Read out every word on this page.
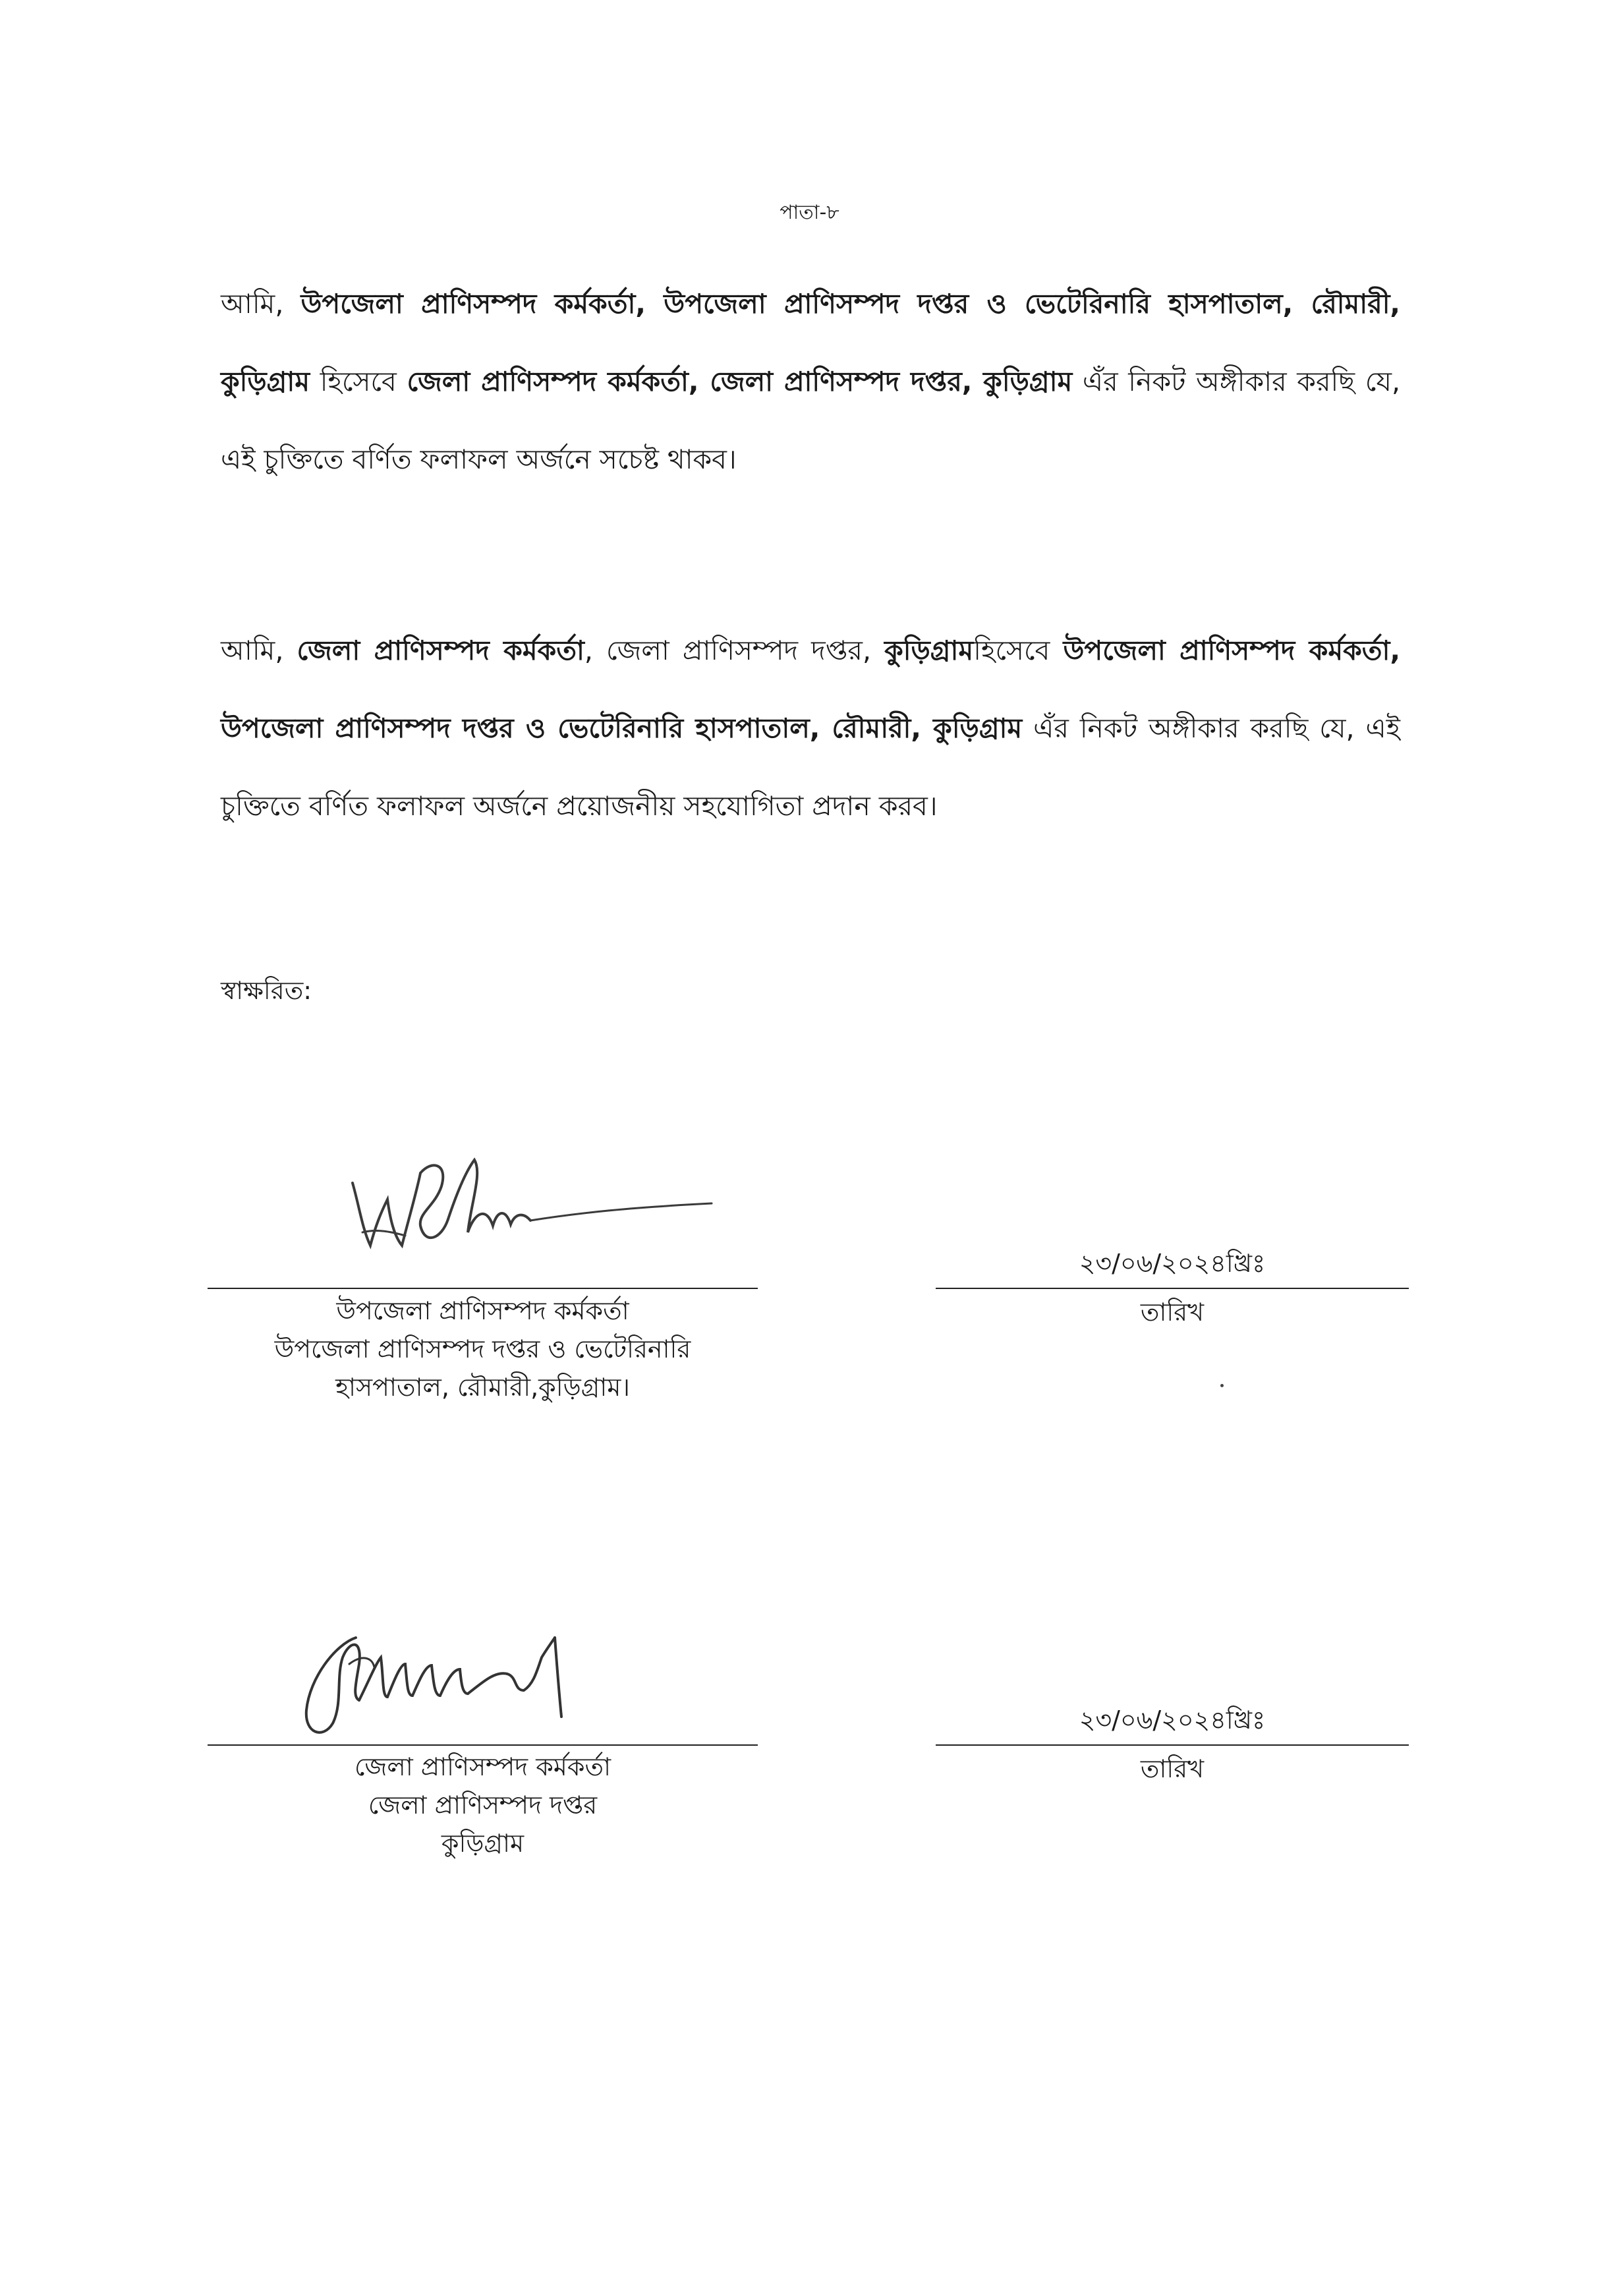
পাতা-৮

আমি, উপজেলা প্রাণিসম্পদ কর্মকর্তা, উপজেলা প্রাণিসম্পদ দপ্তর ও ভেটেরিনারি হাসপাতাল, রৌমারী, কুড়িগ্রাম হিসেবে জেলা প্রাণিসম্পদ কর্মকর্তা, জেলা প্রাণিসম্পদ দপ্তর, কুড়িগ্রাম এঁর নিকট অঙ্গীকার করছি যে, এই চুক্তিতে বর্ণিত ফলাফল অর্জনে সচেষ্ট থাকব।

আমি, জেলা প্রাণিসম্পদ কর্মকর্তা, জেলা প্রাণিসম্পদ দপ্তর, কুড়িগ্রামহিসেবে উপজেলা প্রাণিসম্পদ কর্মকর্তা, উপজেলা প্রাণিসম্পদ দপ্তর ও ভেটেরিনারি হাসপাতাল, রৌমারী, কুড়িগ্রাম এঁর নিকট অঙ্গীকার করছি যে, এই চুক্তিতে বর্ণিত ফলাফল অর্জনে প্রয়োজনীয় সহযোগিতা প্রদান করব।

স্বাক্ষরিত:
২৩/০৬/২০২৪খ্রিঃ
তারিখ
উপজেলা প্রাণিসম্পদ কর্মকর্তা
উপজেলা প্রাণিসম্পদ দপ্তর ও ভেটেরিনারি
হাসপাতাল, রৌমারী,কুড়িগ্রাম।
২৩/০৬/২০২৪খ্রিঃ
তারিখ
জেলা প্রাণিসম্পদ কর্মকর্তা
জেলা প্রাণিসম্পদ দপ্তর
কুড়িগ্রাম
